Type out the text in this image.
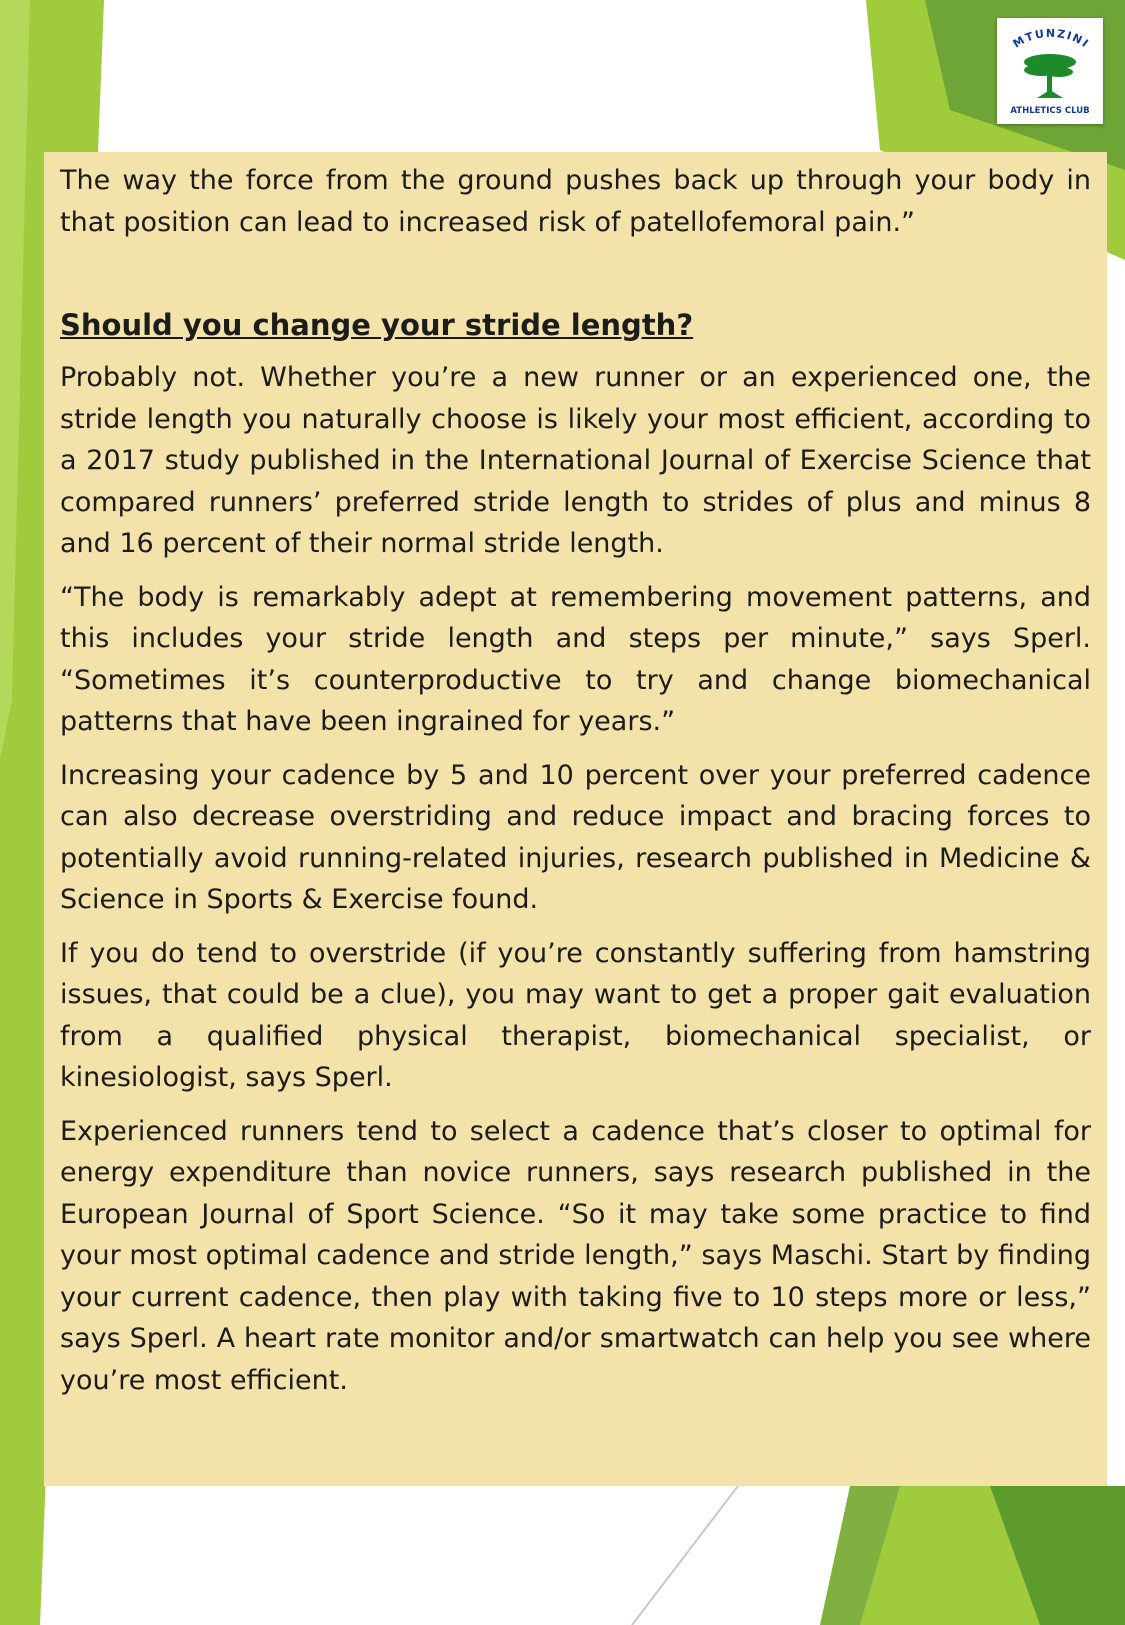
MTUNZINI
ATHLETICS CLUB

The way the force from the ground pushes back up through your body in that position can lead to increased risk of patellofemoral pain.”

Should you change your stride length?

Probably not. Whether you’re a new runner or an experienced one, the stride length you naturally choose is likely your most efficient, according to a 2017 study published in the International Journal of Exercise Science that compared runners’ preferred stride length to strides of plus and minus 8 and 16 percent of their normal stride length.

“The body is remarkably adept at remembering movement patterns, and this includes your stride length and steps per minute,” says Sperl. “Sometimes it’s counterproductive to try and change biomechanical patterns that have been ingrained for years.”

Increasing your cadence by 5 and 10 percent over your preferred cadence can also decrease overstriding and reduce impact and bracing forces to potentially avoid running-related injuries, research published in Medicine & Science in Sports & Exercise found.

If you do tend to overstride (if you’re constantly suffering from hamstring issues, that could be a clue), you may want to get a proper gait evaluation from a qualified physical therapist, biomechanical specialist, or kinesiologist, says Sperl.

Experienced runners tend to select a cadence that’s closer to optimal for energy expenditure than novice runners, says research published in the European Journal of Sport Science. “So it may take some practice to find your most optimal cadence and stride length,” says Maschi. Start by finding your current cadence, then play with taking five to 10 steps more or less,” says Sperl. A heart rate monitor and/or smartwatch can help you see where you’re most efficient.
